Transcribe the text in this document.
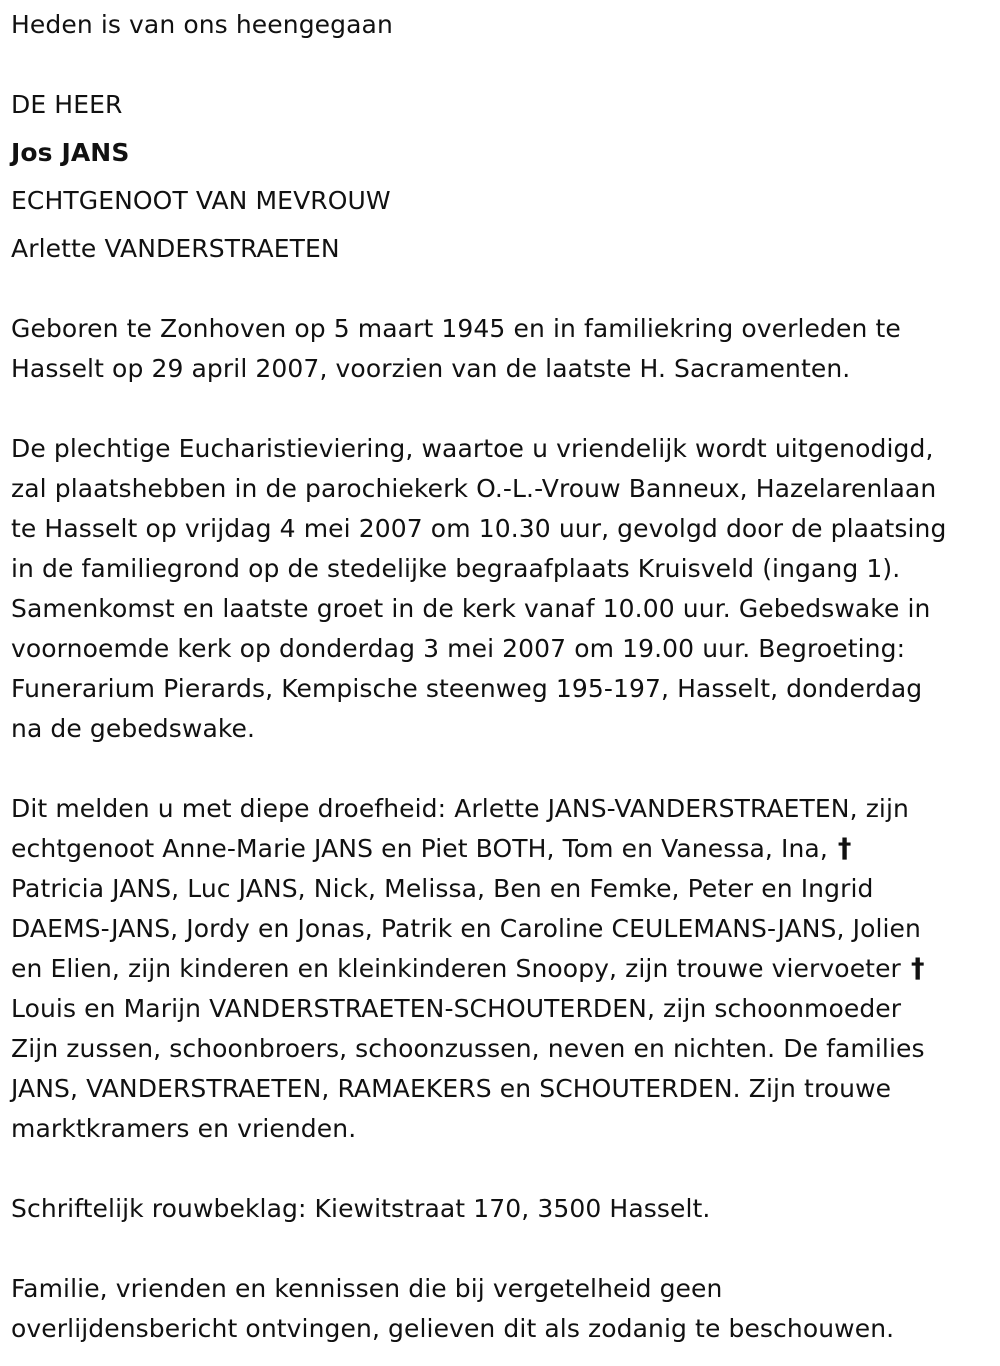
Heden is van ons heengegaan
DE HEER
Jos JANS
ECHTGENOOT VAN MEVROUW
Arlette VANDERSTRAETEN
Geboren te Zonhoven op 5 maart 1945 en in familiekring overleden te
Hasselt op 29 april 2007, voorzien van de laatste H. Sacramenten.
De plechtige Eucharistieviering, waartoe u vriendelijk wordt uitgenodigd,
zal plaatshebben in de parochiekerk O.-L.-Vrouw Banneux, Hazelarenlaan
te Hasselt op vrijdag 4 mei 2007 om 10.30 uur, gevolgd door de plaatsing
in de familiegrond op de stedelijke begraafplaats Kruisveld (ingang 1).
Samenkomst en laatste groet in de kerk vanaf 10.00 uur. Gebedswake in
voornoemde kerk op donderdag 3 mei 2007 om 19.00 uur. Begroeting:
Funerarium Pierards, Kempische steenweg 195-197, Hasselt, donderdag
na de gebedswake.
Dit melden u met diepe droefheid: Arlette JANS-VANDERSTRAETEN, zijn
echtgenoot Anne-Marie JANS en Piet BOTH, Tom en Vanessa, Ina, †
Patricia JANS, Luc JANS, Nick, Melissa, Ben en Femke, Peter en Ingrid
DAEMS-JANS, Jordy en Jonas, Patrik en Caroline CEULEMANS-JANS, Jolien
en Elien, zijn kinderen en kleinkinderen Snoopy, zijn trouwe viervoeter †
Louis en Marijn VANDERSTRAETEN-SCHOUTERDEN, zijn schoonmoeder
Zijn zussen, schoonbroers, schoonzussen, neven en nichten. De families
JANS, VANDERSTRAETEN, RAMAEKERS en SCHOUTERDEN. Zijn trouwe
marktkramers en vrienden.
Schriftelijk rouwbeklag: Kiewitstraat 170, 3500 Hasselt.
Familie, vrienden en kennissen die bij vergetelheid geen
overlijdensbericht ontvingen, gelieven dit als zodanig te beschouwen.
